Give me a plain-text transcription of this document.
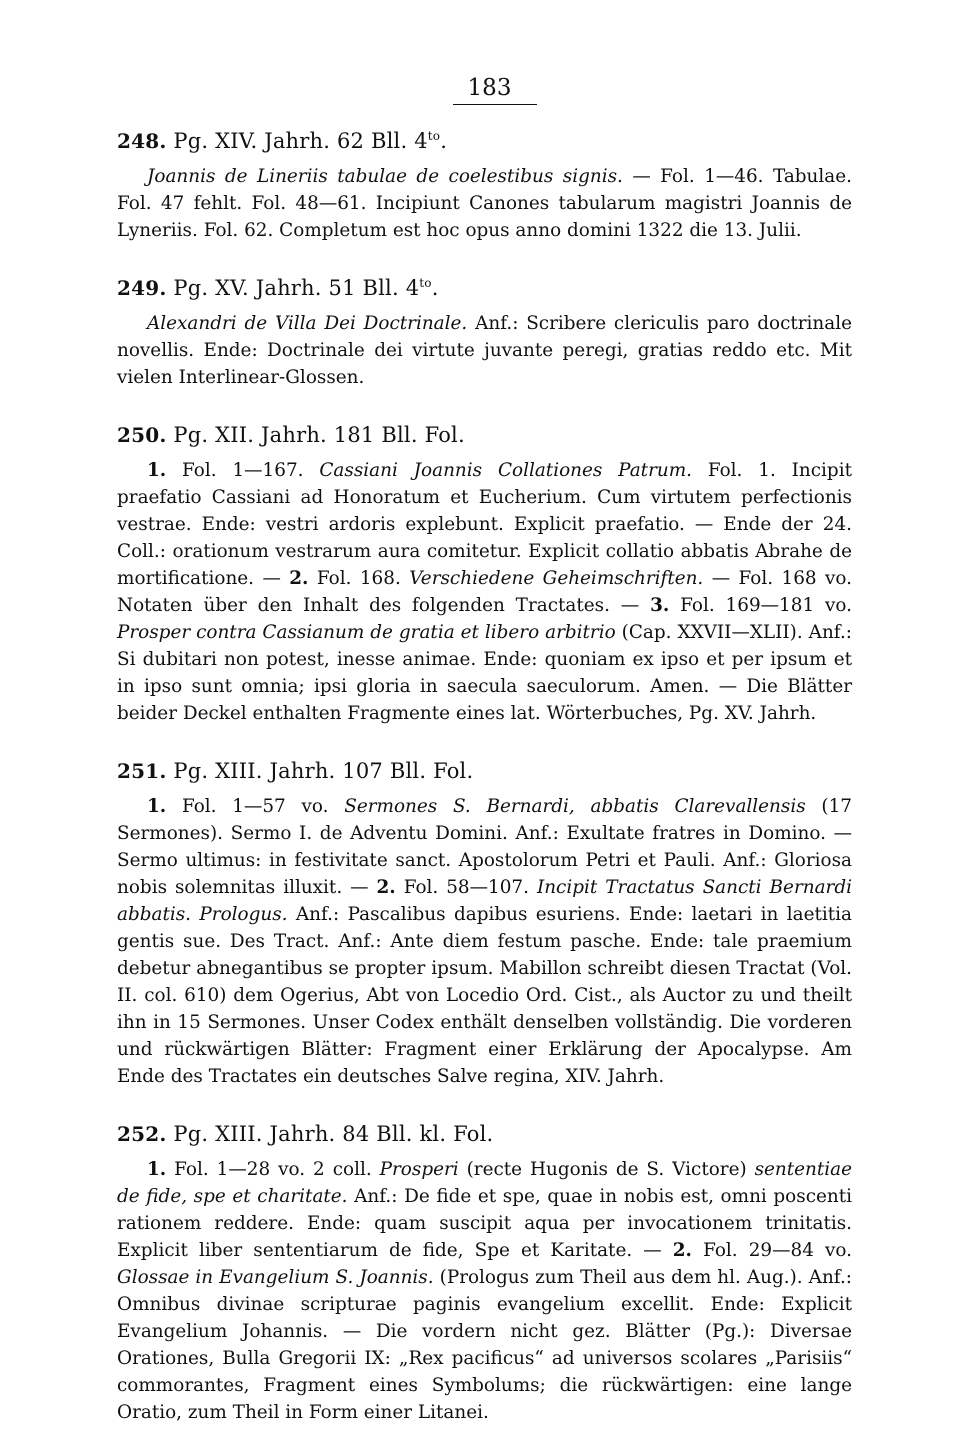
183
248. Pg. XIV. Jahrh. 62 Bll. $4^{to}$.

Joannis de Lineriis tabulae de coelestibus signis. — Fol. 1—46. Tabulae. Fol. 47 fehlt. Fol. 48—61. Incipiunt Canones tabularum magistri Joannis de Lyneriis. Fol. 62. Completum est hoc opus anno domini 1322 die 13. Julii.

249. Pg. XV. Jahrh. 51 Bll. $4^{to}$.

Alexandri de Villa Dei Doctrinale. Anf.: Scribere clericulis paro doctrinale novellis. Ende: Doctrinale dei virtute juvante peregi, gratias reddo etc. Mit vielen Interlinear-Glossen.

250. Pg. XII. Jahrh. 181 Bll. Fol.

1. Fol. 1—167. Cassiani Joannis Collationes Patrum. Fol. 1. Incipit praefatio Cassiani ad Honoratum et Eucherium. Cum virtutem perfectionis vestrae. Ende: vestri ardoris explebunt. Explicit praefatio. — Ende der 24. Coll.: orationum vestrarum aura comitetur. Explicit collatio abbatis Abrahe de mortificatione. — 2. Fol. 168. Verschiedene Geheimschriften. — Fol. 168 vo. Notaten über den Inhalt des folgenden Tractates. — 3. Fol. 169—181 vo. Prosper contra Cassianum de gratia et libero arbitrio (Cap. XXVII—XLII). Anf.: Si dubitari non potest, inesse animae. Ende: quoniam ex ipso et per ipsum et in ipso sunt omnia; ipsi gloria in saecula saeculorum. Amen. — Die Blätter beider Deckel enthalten Fragmente eines lat. Wörterbuches, Pg. XV. Jahrh.

251. Pg. XIII. Jahrh. 107 Bll. Fol.

1. Fol. 1—57 vo. Sermones S. Bernardi, abbatis Clarevallensis (17 Sermones). Sermo I. de Adventu Domini. Anf.: Exultate fratres in Domino. — Sermo ultimus: in festivitate sanct. Apostolorum Petri et Pauli. Anf.: Gloriosa nobis solemnitas illuxit. — 2. Fol. 58—107. Incipit Tractatus Sancti Bernardi abbatis. Prologus. Anf.: Pascalibus dapibus esuriens. Ende: laetari in laetitia gentis sue. Des Tract. Anf.: Ante diem festum pasche. Ende: tale praemium debetur abnegantibus se propter ipsum. Mabillon schreibt diesen Tractat (Vol. II. col. 610) dem Ogerius, Abt von Locedio Ord. Cist., als Auctor zu und theilt ihn in 15 Sermones. Unser Codex enthält denselben vollständig. Die vorderen und rückwärtigen Blätter: Fragment einer Erklärung der Apocalypse. Am Ende des Tractates ein deutsches Salve regina, XIV. Jahrh.

252. Pg. XIII. Jahrh. 84 Bll. kl. Fol.

1. Fol. 1—28 vo. 2 coll. Prosperi (recte Hugonis de S. Victore) sententiae de fide, spe et charitate. Anf.: De fide et spe, quae in nobis est, omni poscenti rationem reddere. Ende: quam suscipit aqua per invocationem trinitatis. Explicit liber sententiarum de fide, Spe et Karitate. — 2. Fol. 29—84 vo. Glossae in Evangelium S. Joannis. (Prologus zum Theil aus dem hl. Aug.). Anf.: Omnibus divinae scripturae paginis evangelium excellit. Ende: Explicit Evangelium Johannis. — Die vordern nicht gez. Blätter (Pg.): Diversae Orationes, Bulla Gregorii IX: „Rex pacificus“ ad universos scolares „Parisiis“ commorantes, Fragment eines Symbolums; die rückwärtigen: eine lange Oratio, zum Theil in Form einer Litanei.
